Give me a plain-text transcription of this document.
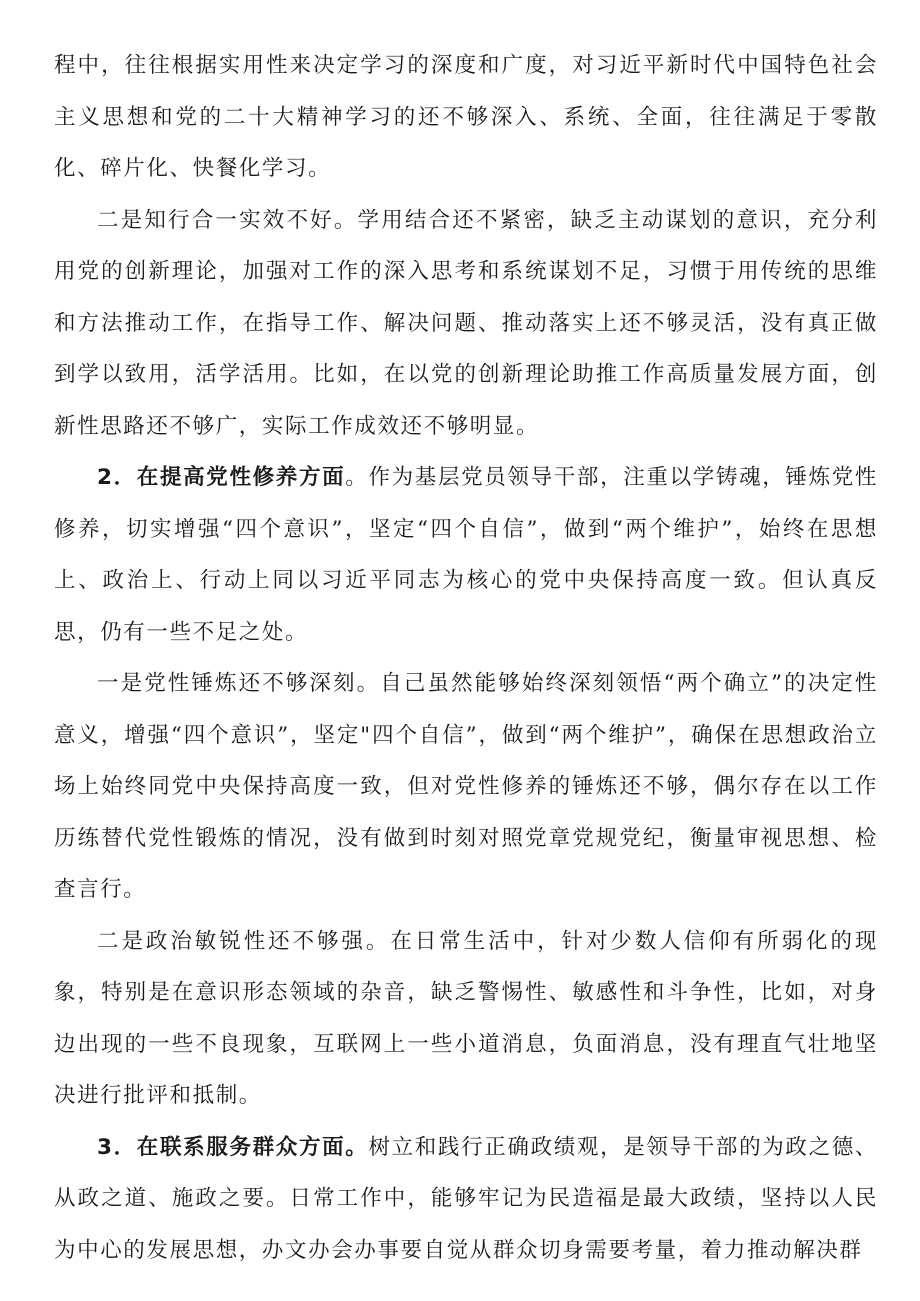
程中，往往根据实用性来决定学习的深度和广度，对习近平新时代中国特色社会主义思想和党的二十大精神学习的还不够深入、系统、全面，往往满足于零散化、碎片化、快餐化学习。

二是知行合一实效不好。学用结合还不紧密，缺乏主动谋划的意识，充分利用党的创新理论，加强对工作的深入思考和系统谋划不足，习惯于用传统的思维和方法推动工作，在指导工作、解决问题、推动落实上还不够灵活，没有真正做到学以致用，活学活用。比如，在以党的创新理论助推工作高质量发展方面，创新性思路还不够广，实际工作成效还不够明显。

2．在提高党性修养方面。作为基层党员领导干部，注重以学铸魂，锤炼党性修养，切实增强“四个意识”，坚定“四个自信”，做到“两个维护”，始终在思想上、政治上、行动上同以习近平同志为核心的党中央保持高度一致。但认真反思，仍有一些不足之处。

一是党性锤炼还不够深刻。自己虽然能够始终深刻领悟“两个确立”的决定性意义，增强“四个意识”，坚定"四个自信”，做到“两个维护”，确保在思想政治立场上始终同党中央保持高度一致，但对党性修养的锤炼还不够，偶尔存在以工作历练替代党性锻炼的情况，没有做到时刻对照党章党规党纪，衡量审视思想、检查言行。

二是政治敏锐性还不够强。在日常生活中，针对少数人信仰有所弱化的现象，特别是在意识形态领域的杂音，缺乏警惕性、敏感性和斗争性，比如，对身边出现的一些不良现象，互联网上一些小道消息，负面消息，没有理直气壮地坚决进行批评和抵制。

3．在联系服务群众方面。树立和践行正确政绩观，是领导干部的为政之德、从政之道、施政之要。日常工作中，能够牢记为民造福是最大政绩，坚持以人民为中心的发展思想，办文办会办事要自觉从群众切身需要考量，着力推动解决群
